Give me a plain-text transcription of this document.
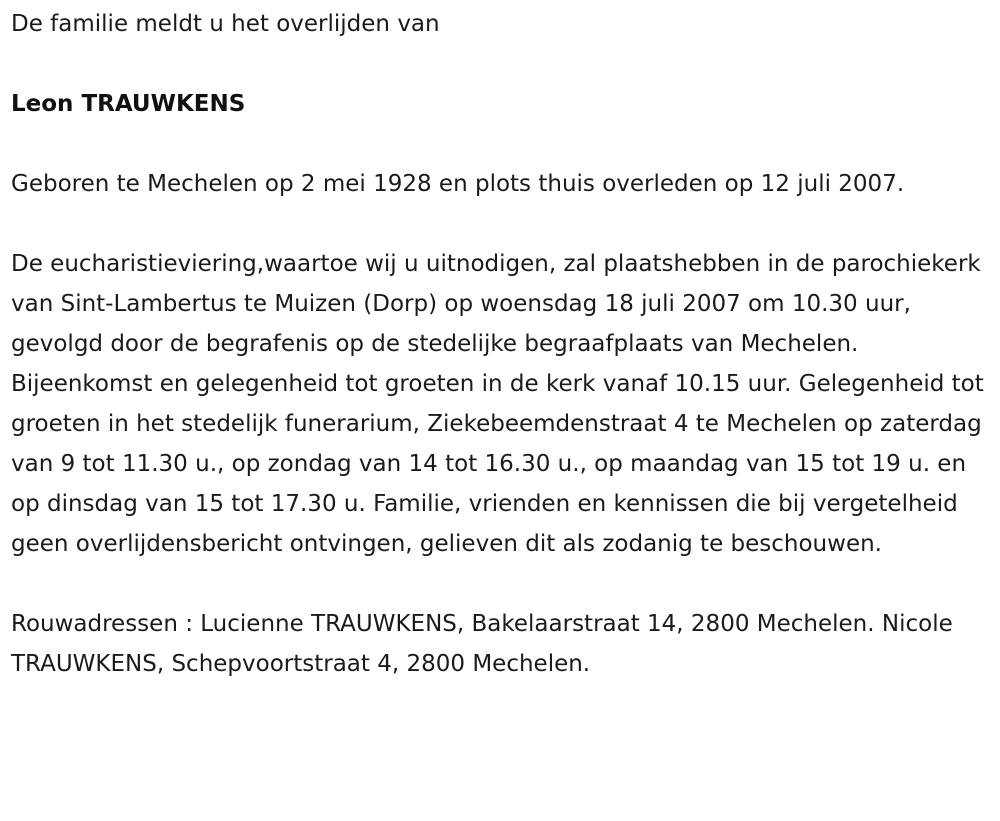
De familie meldt u het overlijden van

Leon TRAUWKENS

Geboren te Mechelen op 2 mei 1928 en plots thuis overleden op 12 juli 2007.

De eucharistieviering,waartoe wij u uitnodigen, zal plaatshebben in de parochiekerk van Sint-Lambertus te Muizen (Dorp) op woensdag 18 juli 2007 om 10.30 uur, gevolgd door de begrafenis op de stedelijke begraafplaats van Mechelen. Bijeenkomst en gelegenheid tot groeten in de kerk vanaf 10.15 uur. Gelegenheid tot groeten in het stedelijk funerarium, Ziekebeemdenstraat 4 te Mechelen op zaterdag van 9 tot 11.30 u., op zondag van 14 tot 16.30 u., op maandag van 15 tot 19 u. en op dinsdag van 15 tot 17.30 u. Familie, vrienden en kennissen die bij vergetelheid geen overlijdensbericht ontvingen, gelieven dit als zodanig te beschouwen.

Rouwadressen : Lucienne TRAUWKENS, Bakelaarstraat 14, 2800 Mechelen. Nicole TRAUWKENS, Schepvoortstraat 4, 2800 Mechelen.
